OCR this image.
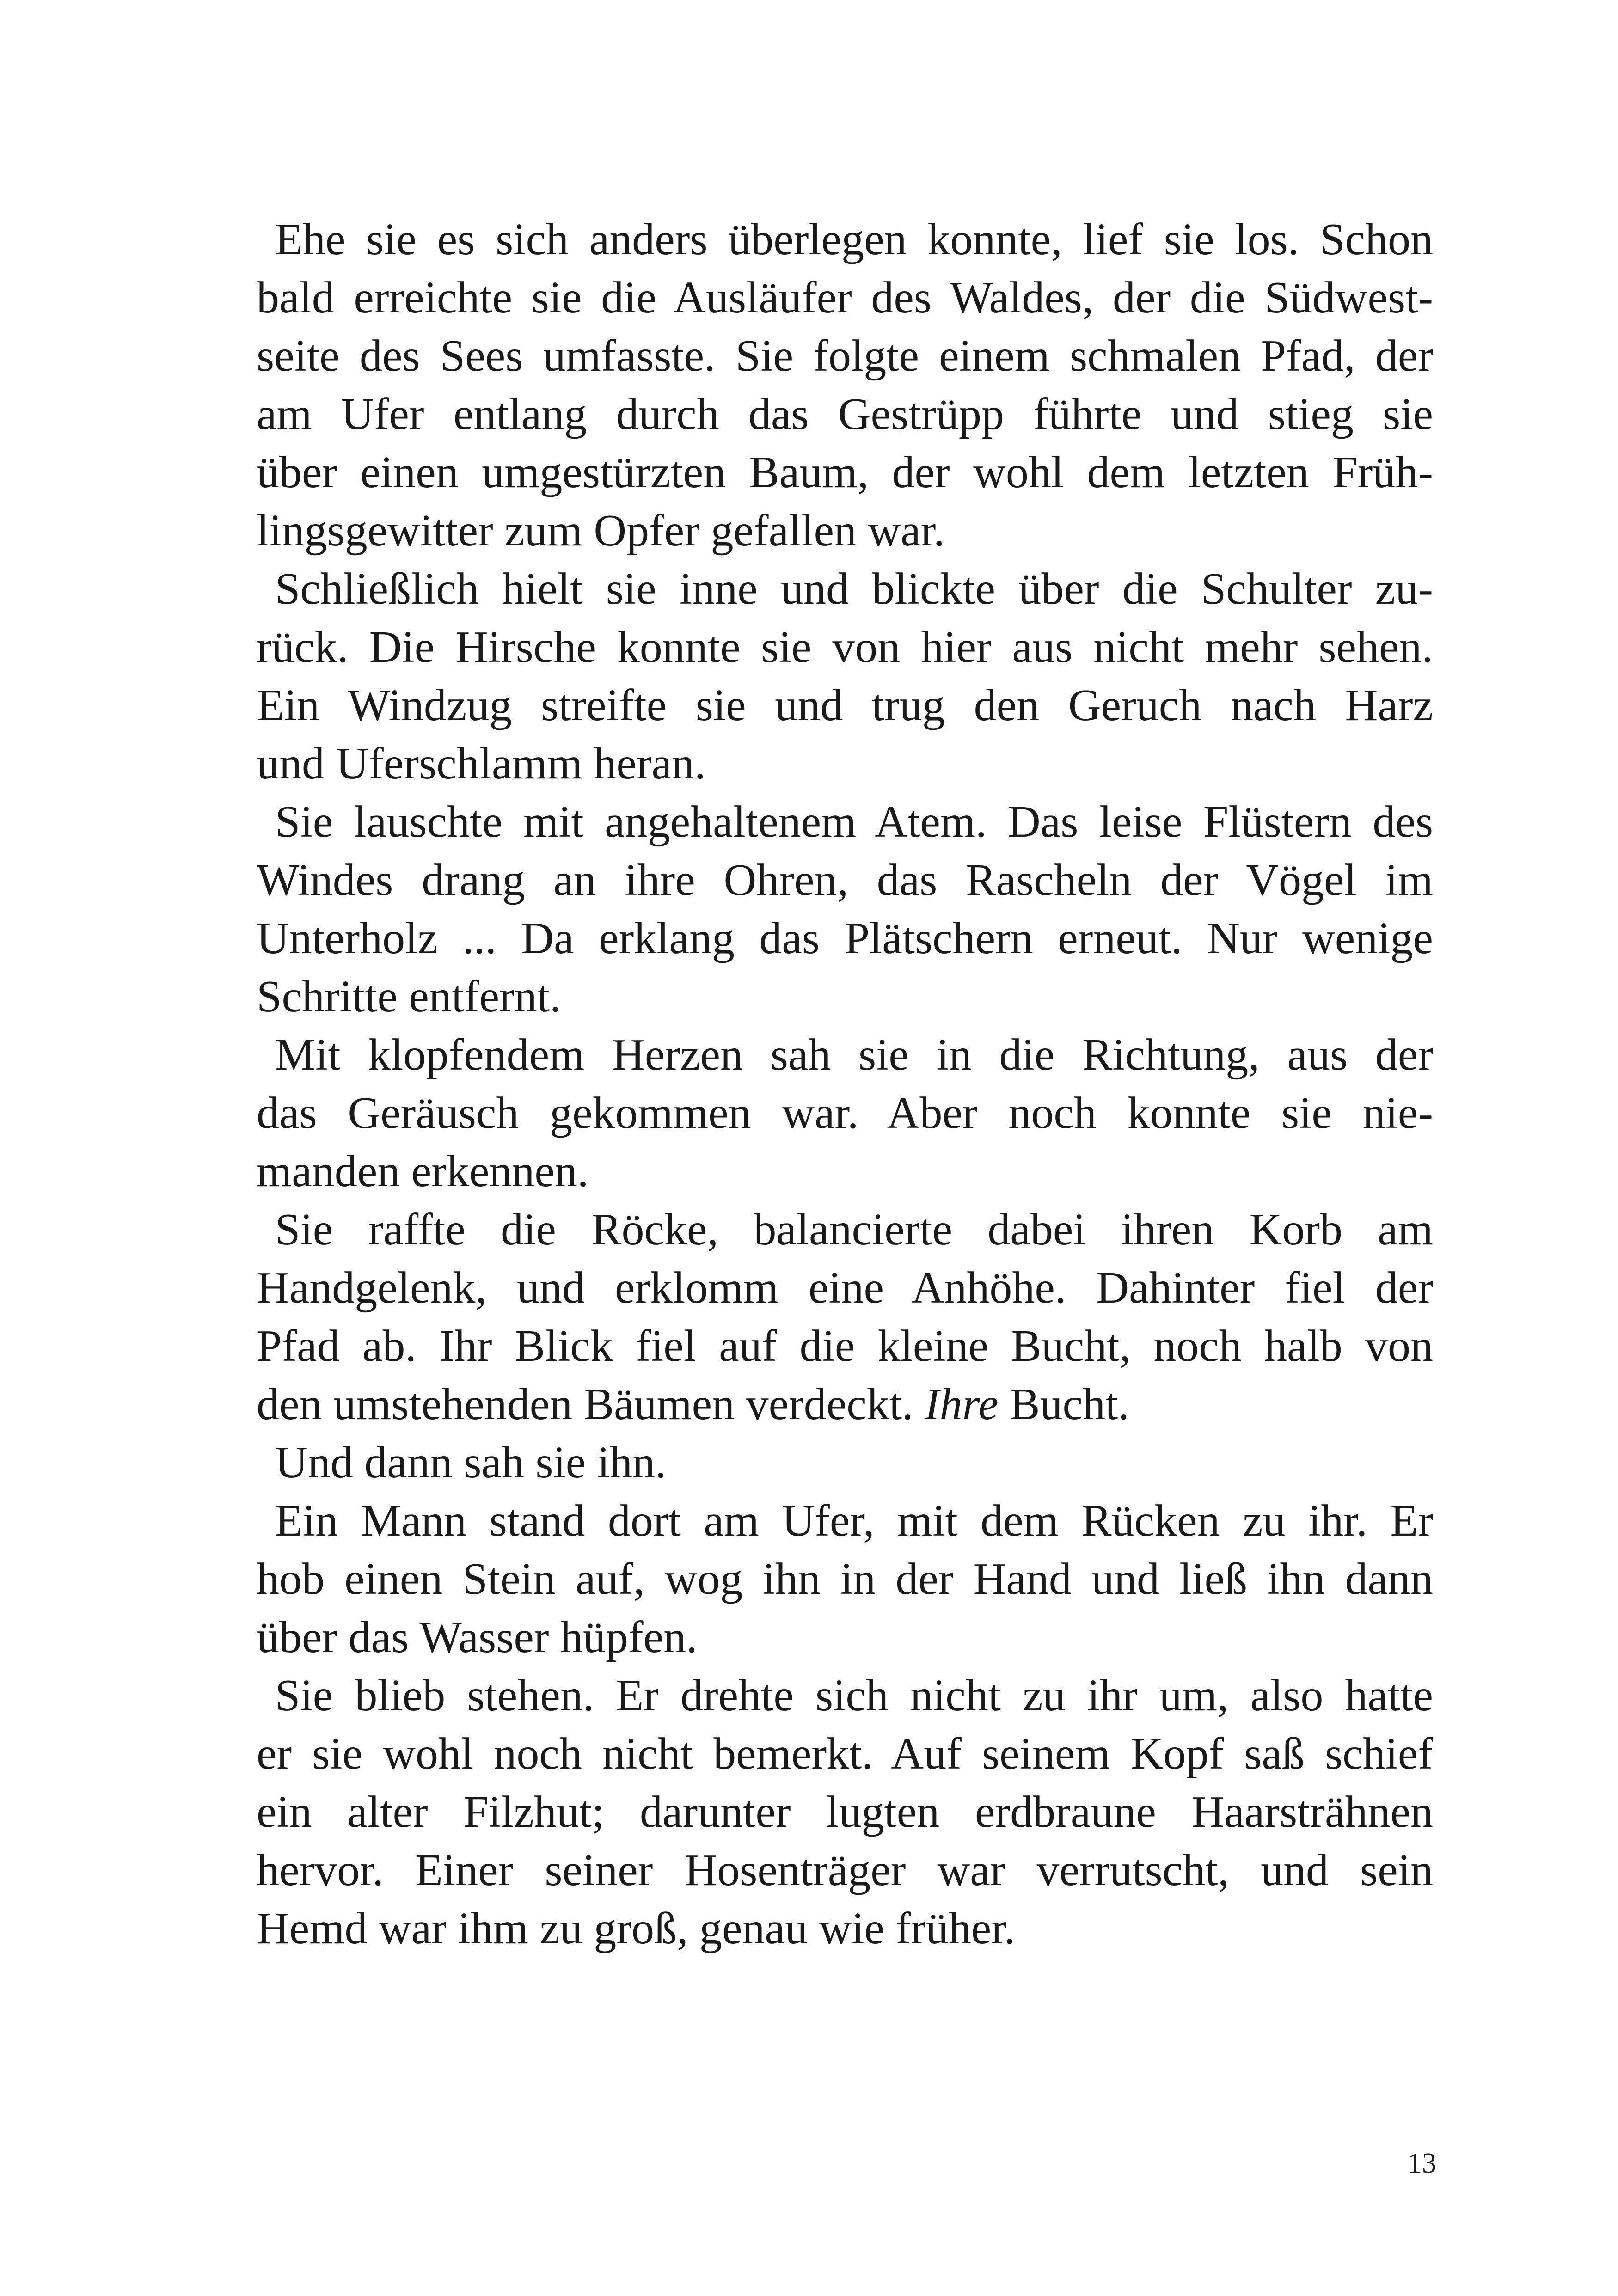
Ehe sie es sich anders überlegen konnte, lief sie los. Schon
bald erreichte sie die Ausläufer des Waldes, der die Südwest-
seite des Sees umfasste. Sie folgte einem schmalen Pfad, der
am Ufer entlang durch das Gestrüpp führte und stieg sie
über einen umgestürzten Baum, der wohl dem letzten Früh-
lingsgewitter zum Opfer gefallen war.
Schließlich hielt sie inne und blickte über die Schulter zu-
rück. Die Hirsche konnte sie von hier aus nicht mehr sehen.
Ein Windzug streifte sie und trug den Geruch nach Harz
und Uferschlamm heran.
Sie lauschte mit angehaltenem Atem. Das leise Flüstern des
Windes drang an ihre Ohren, das Rascheln der Vögel im
Unterholz ... Da erklang das Plätschern erneut. Nur wenige
Schritte entfernt.
Mit klopfendem Herzen sah sie in die Richtung, aus der
das Geräusch gekommen war. Aber noch konnte sie nie-
manden erkennen.
Sie raffte die Röcke, balancierte dabei ihren Korb am
Handgelenk, und erklomm eine Anhöhe. Dahinter fiel der
Pfad ab. Ihr Blick fiel auf die kleine Bucht, noch halb von
den umstehenden Bäumen verdeckt. Ihre Bucht.
Und dann sah sie ihn.
Ein Mann stand dort am Ufer, mit dem Rücken zu ihr. Er
hob einen Stein auf, wog ihn in der Hand und ließ ihn dann
über das Wasser hüpfen.
Sie blieb stehen. Er drehte sich nicht zu ihr um, also hatte
er sie wohl noch nicht bemerkt. Auf seinem Kopf saß schief
ein alter Filzhut; darunter lugten erdbraune Haarsträhnen
hervor. Einer seiner Hosenträger war verrutscht, und sein
Hemd war ihm zu groß, genau wie früher.
13
